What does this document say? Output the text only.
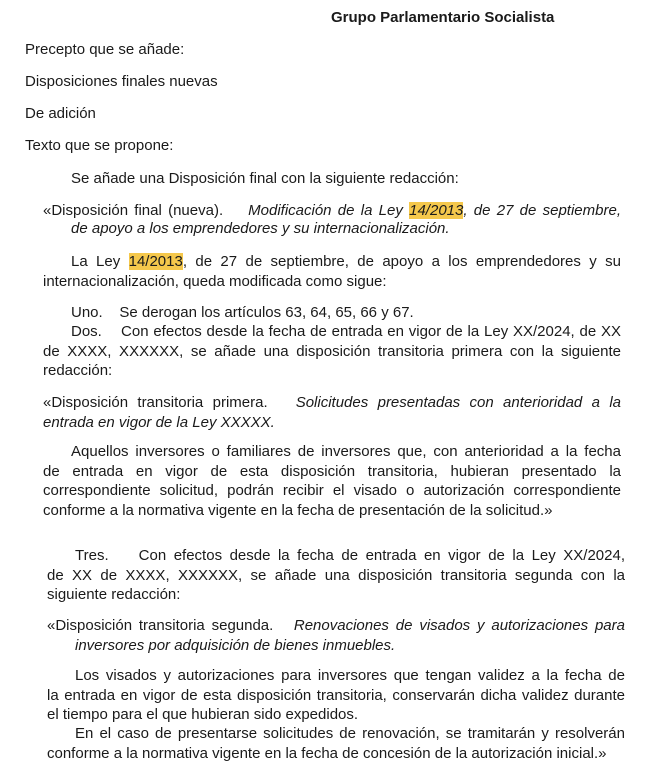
Grupo Parlamentario Socialista
Precepto que se añade:
Disposiciones finales nuevas
De adición
Texto que se propone:
Se añade una Disposición final con la siguiente redacción:
«Disposición final (nueva). Modificación de la Ley 14/2013, de 27 de septiembre,
de apoyo a los emprendedores y su internacionalización.
La Ley 14/2013, de 27 de septiembre, de apoyo a los emprendedores y su
internacionalización, queda modificada como sigue:
Uno.    Se derogan los artículos 63, 64, 65, 66 y 67.
Dos.    Con efectos desde la fecha de entrada en vigor de la Ley XX/2024, de XX
de XXXX, XXXXXX, se añade una disposición transitoria primera con la siguiente
redacción:
«Disposición transitoria primera. Solicitudes presentadas con anterioridad a la
entrada en vigor de la Ley XXXXX.
Aquellos inversores o familiares de inversores que, con anterioridad a la fecha
de entrada en vigor de esta disposición transitoria, hubieran presentado la
correspondiente solicitud, podrán recibir el visado o autorización correspondiente
conforme a la normativa vigente en la fecha de presentación de la solicitud.»
Tres.    Con efectos desde la fecha de entrada en vigor de la Ley XX/2024,
de XX de XXXX, XXXXXX, se añade una disposición transitoria segunda con la
siguiente redacción:
«Disposición transitoria segunda. Renovaciones de visados y autorizaciones para
inversores por adquisición de bienes inmuebles.
Los visados y autorizaciones para inversores que tengan validez a la fecha de
la entrada en vigor de esta disposición transitoria, conservarán dicha validez durante
el tiempo para el que hubieran sido expedidos.
En el caso de presentarse solicitudes de renovación, se tramitarán y resolverán
conforme a la normativa vigente en la fecha de concesión de la autorización inicial.»
